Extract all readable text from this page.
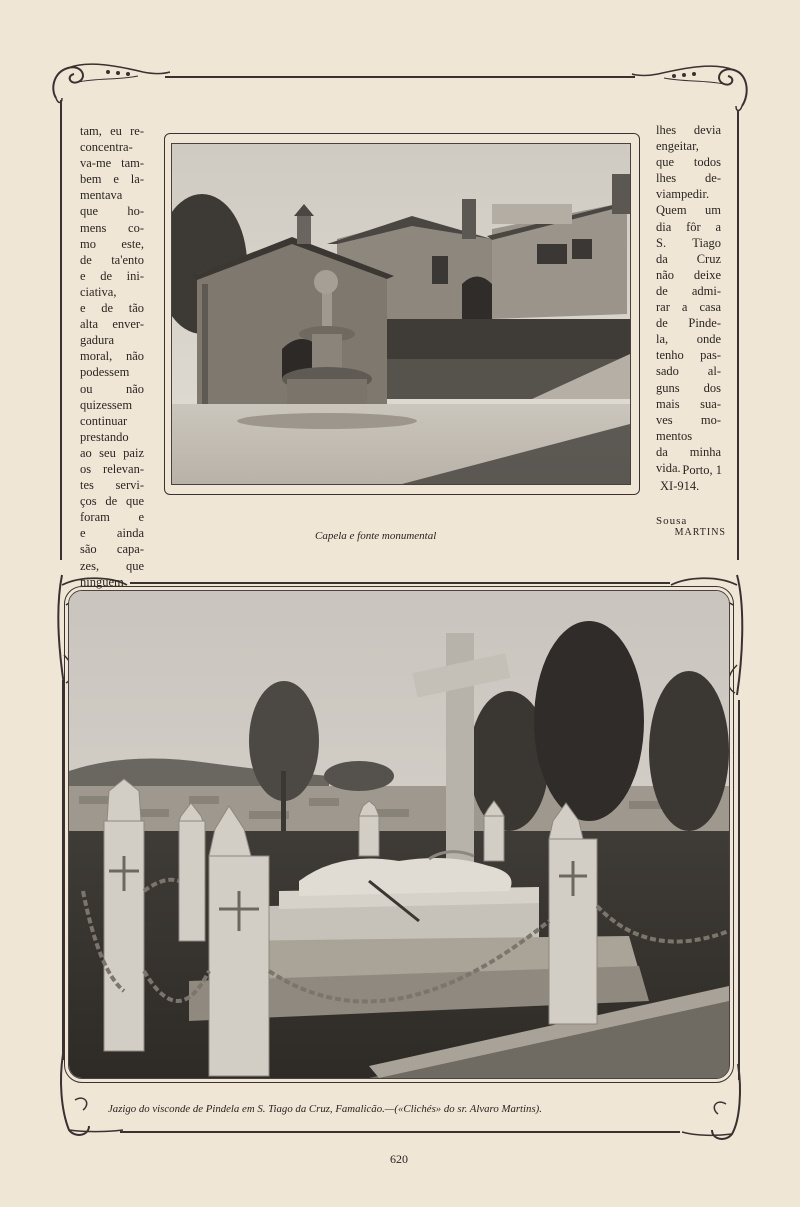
tam, eu re-
concentra-
va-me tam-
bem e la-
mentava
que ho-
mens co-
mo este,
de ta'ento
e de ini-
ciativa,
e de tão
alta enver-
gadura
moral, não
podessem
ou não
quizessem
continuar
prestando
ao seu paiz
os relevan-
tes servi-
ços de que
foram e
e ainda
são capa-
zes, que
ninguem
lhes devia
engeitar,
que todos
lhes de-
viampedir.
Quem um
dia fôr a
S. Tiago
da Cruz
não deixe
de admi-
rar a casa
de Pinde-
la, onde
tenho pas-
sado al-
guns dos
mais sua-
ves mo-
mentos
da minha
vida. Porto, 1
XI-914.
Sousa
MARTINS
Capela e fonte monumental
Jazigo do visconde de Pindela em S. Tiago da Cruz, Famalicão.—(«Clichés» do sr. Alvaro Martins).
620
